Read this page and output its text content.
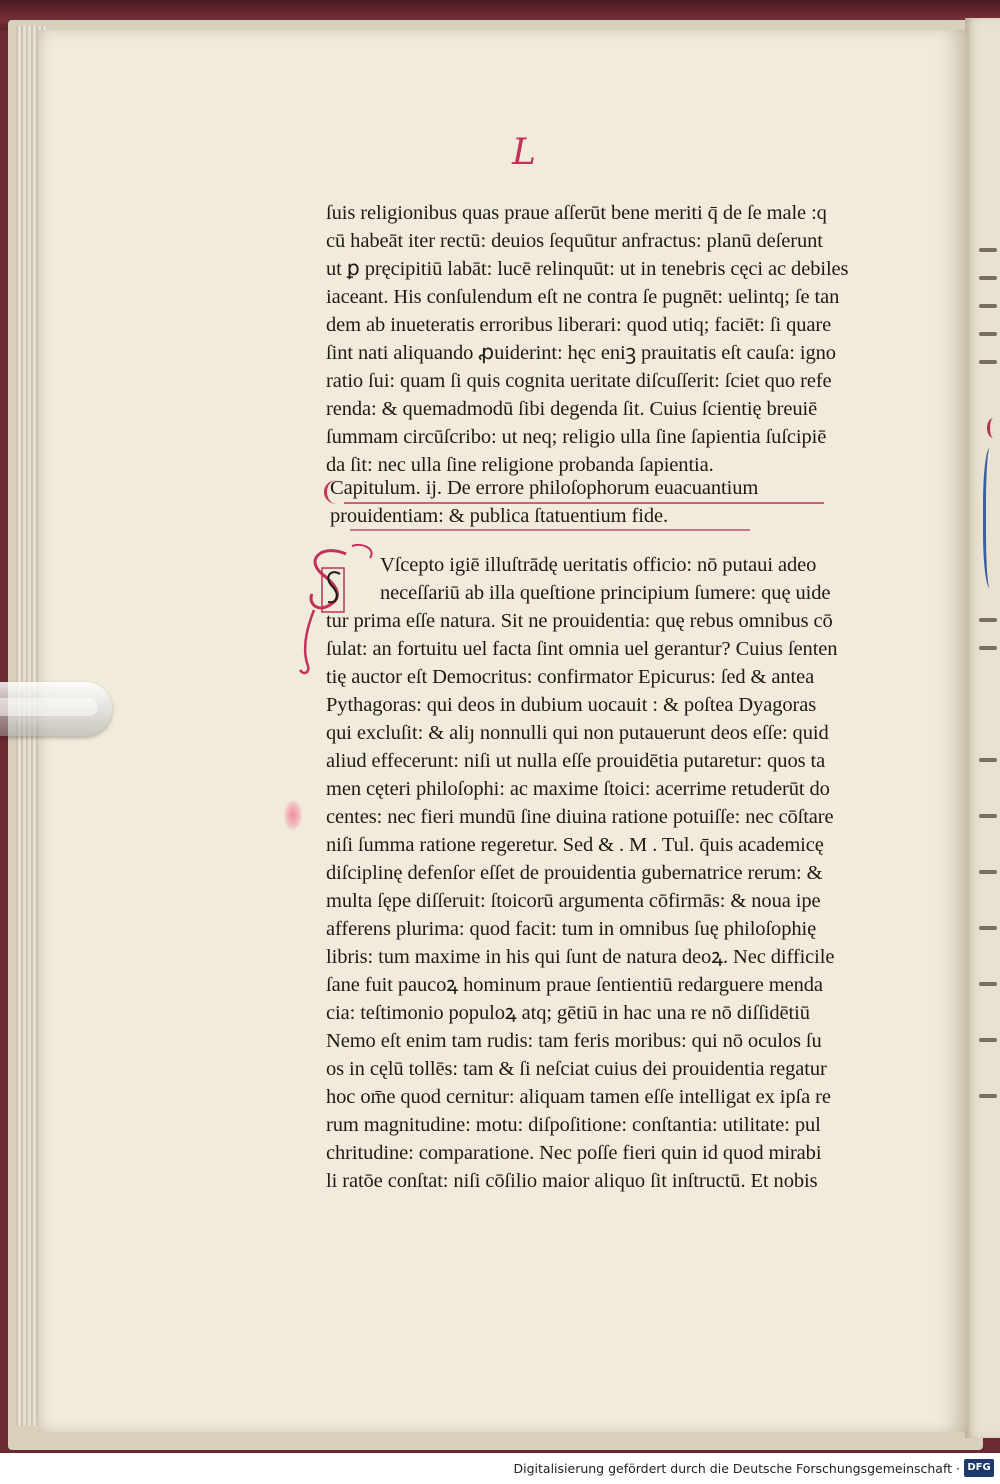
L
ſuis religionibus quas praue aſſerūt bene meriti q̄ de ſe male :q
cū habeāt iter rectū: deuios ſequūtur anfractus: planū deſerunt
ut ꝑ pręcipitiū labāt: lucē relinquūt: ut in tenebris cęci ac debiles
iaceant. His conſulendum eſt ne contra ſe pugnēt: uelintq; ſe tan
dem ab inueteratis erroribus liberari: quod utiq; faciēt: ſi quare
ſint nati aliquando ꝓuiderint: hęc eniꝫ prauitatis eſt cauſa: igno
ratio ſui: quam ſi quis cognita ueritate diſcuſſerit: ſciet quo refe
renda: & quemadmodū ſibi degenda ſit. Cuius ſcientię breuiē
ſummam circūſcribo: ut neq; religio ulla ſine ſapientia ſuſcipiē
da ſit: nec ulla ſine religione probanda ſapientia.
Capitulum. ij. De errore philoſophorum euacuantium
prouidentiam: & publica ſtatuentium fide.
Vſcepto igiē illuſtrādę ueritatis officio: nō putaui adeo
neceſſariū ab illa queſtione principium ſumere: quę uide
tur prima eſſe natura. Sit ne prouidentia: quę rebus omnibus cō
ſulat: an fortuitu uel facta ſint omnia uel gerantur? Cuius ſenten
tię auctor eſt Democritus: confirmator Epicurus: ſed & antea
Pythagoras: qui deos in dubium uocauit : & poſtea Dyagoras
qui excluſit: & aliȷ nonnulli qui non putauerunt deos eſſe: quid
aliud effecerunt: niſi ut nulla eſſe prouidētia putaretur: quos ta
men cęteri philoſophi: ac maxime ſtoici: acerrime retuderūt do
centes: nec fieri mundū ſine diuina ratione potuiſſe: nec cōſtare
niſi ſumma ratione regeretur. Sed & . M . Tul. q̄uis academicę
diſciplinę defenſor eſſet de prouidentia gubernatrice rerum: &
multa ſępe diſſeruit: ſtoicorū argumenta cōfirmās: & noua ipe
afferens plurima: quod facit: tum in omnibus ſuę philoſophię
libris: tum maxime in his qui ſunt de natura deoꝝ. Nec difficile
ſane fuit paucoꝝ hominum praue ſentientiū redarguere menda
cia: teſtimonio populoꝝ atq; gētiū in hac una re nō diſſidētiū
Nemo eſt enim tam rudis: tam feris moribus: qui nō oculos ſu
os in cęlū tollēs: tam & ſi neſciat cuius dei prouidentia regatur
hoc om̄e quod cernitur: aliquam tamen eſſe intelligat ex ipſa re
rum magnitudine: motu: diſpoſitione: conſtantia: utilitate: pul
chritudine: comparatione. Nec poſſe fieri quin id quod mirabi
li ratōe conſtat: niſi cōſilio maior aliquo ſit inſtructū. Et nobis
Digitalisierung gefördert durch die Deutsche Forschungsgemeinschaft · DFG
